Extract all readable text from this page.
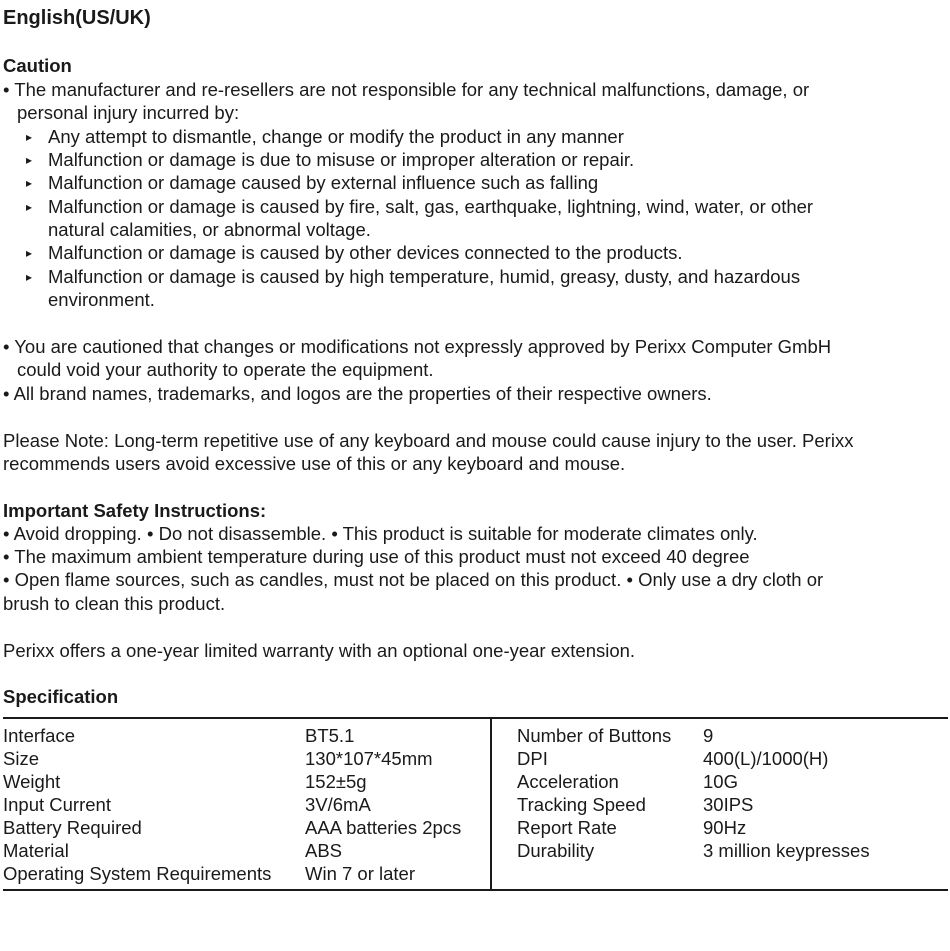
English(US/UK)
Caution
• The manufacturer and re-resellers are not responsible for any technical malfunctions, damage, or
personal injury incurred by:
▸ Any attempt to dismantle, change or modify the product in any manner
▸ Malfunction or damage is due to misuse or improper alteration or repair.
▸ Malfunction or damage caused by external influence such as falling
▸ Malfunction or damage is caused by fire, salt, gas, earthquake, lightning, wind, water, or other
natural calamities, or abnormal voltage.
▸ Malfunction or damage is caused by other devices connected to the products.
▸ Malfunction or damage is caused by high temperature, humid, greasy, dusty, and hazardous
environment.
• You are cautioned that changes or modifications not expressly approved by Perixx Computer GmbH
could void your authority to operate the equipment.
• All brand names, trademarks, and logos are the properties of their respective owners.
Please Note: Long-term repetitive use of any keyboard and mouse could cause injury to the user. Perixx
recommends users avoid excessive use of this or any keyboard and mouse.
Important Safety Instructions:
• Avoid dropping. • Do not disassemble. • This product is suitable for moderate climates only.
• The maximum ambient temperature during use of this product must not exceed 40 degree
• Open flame sources, such as candles, must not be placed on this product. • Only use a dry cloth or
brush to clean this product.
Perixx offers a one-year limited warranty with an optional one-year extension.
Specification
Interface	BT5.1
Size	130*107*45mm
Weight	152±5g
Input Current	3V/6mA
Battery Required	AAA batteries 2pcs
Material	ABS
Operating System Requirements Win 7 or later
Number of Buttons 9
DPI	400(L)/1000(H)
Acceleration	10G
Tracking Speed	30IPS
Report Rate	90Hz
Durability	3 million keypresses
